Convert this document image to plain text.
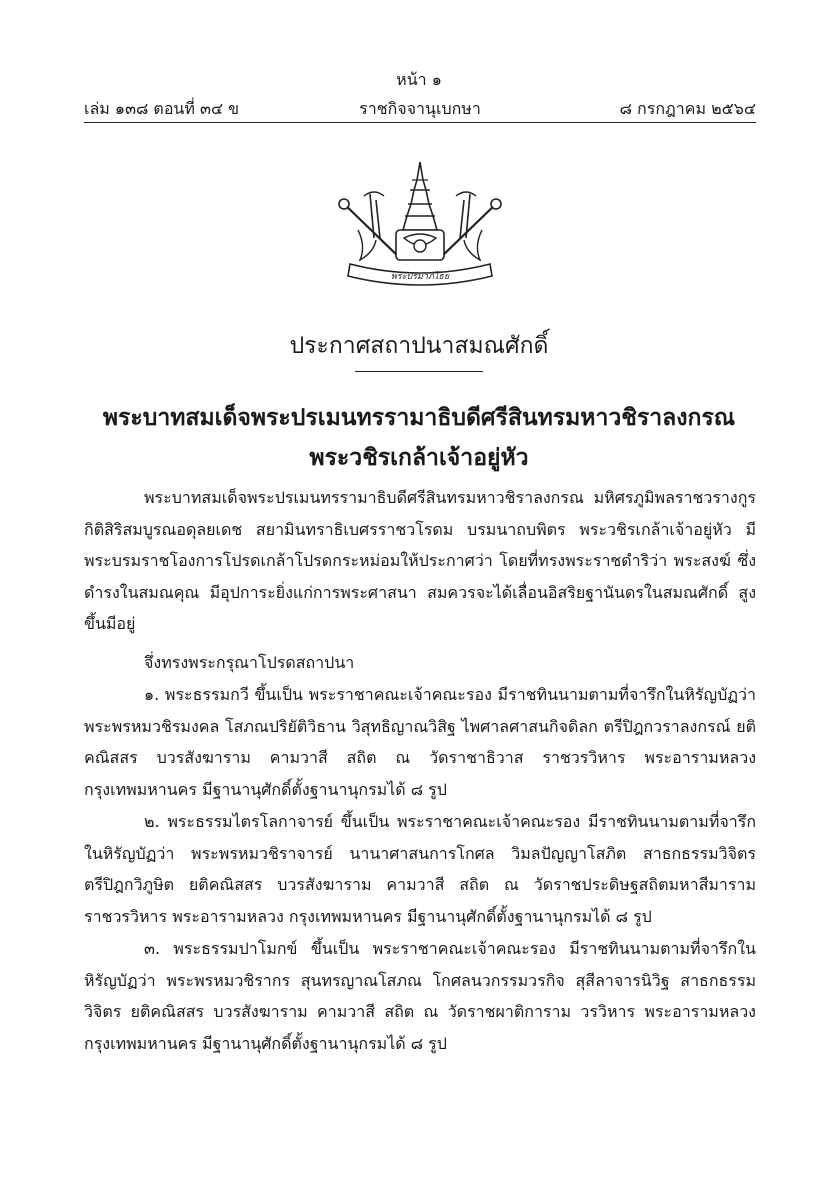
หน้า ๑
เล่ม ๑๓๘ ตอนที่ ๓๔ ข	ราชกิจจานุเบกษา	๘ กรกฎาคม ๒๕๖๔
พระปรมาภิไธย
ประกาศสถาปนาสมณศักดิ์
พระบาทสมเด็จพระปรเมนทรรามาธิบดีศรีสินทรมหาวชิราลงกรณ
พระวชิรเกล้าเจ้าอยู่หัว
พระบาทสมเด็จพระปรเมนทรรามาธิบดีศรีสินทรมหาวชิราลงกรณ มหิศรภูมิพลราชวรางกูร กิติสิริสมบูรณอดุลยเดช สยามินทราธิเบศรราชวโรดม บรมนาถบพิตร พระวชิรเกล้าเจ้าอยู่หัว มีพระบรมราชโองการโปรดเกล้าโปรดกระหม่อมให้ประกาศว่า โดยที่ทรงพระราชดำริว่า พระสงฆ์ ซึ่งดำรงในสมณคุณ มีอุปการะยิ่งแก่การพระศาสนา สมควรจะได้เลื่อนอิสริยฐานันดรในสมณศักดิ์ สูงขึ้นมีอยู่
จึ่งทรงพระกรุณาโปรดสถาปนา
๑. พระธรรมกวี ขึ้นเป็น พระราชาคณะเจ้าคณะรอง มีราชทินนามตามที่จารึกในหิรัญบัฏว่า พระพรหมวชิรมงคล โสภณปริยัติวิธาน วิสุทธิญาณวิสิฐ ไพศาลศาสนกิจดิลก ตรีปิฎกวราลงกรณ์ ยติคณิสสร บวรสังฆาราม คามวาสี สถิต ณ วัดราชาธิวาส ราชวรวิหาร พระอารามหลวง กรุงเทพมหานคร มีฐานานุศักดิ์ตั้งฐานานุกรมได้ ๘ รูป
๒. พระธรรมไตรโลกาจารย์ ขึ้นเป็น พระราชาคณะเจ้าคณะรอง มีราชทินนามตามที่จารึกในหิรัญบัฏว่า พระพรหมวชิราจารย์ นานาศาสนการโกศล วิมลปัญญาโสภิต สาธกธรรมวิจิตร ตรีปิฎกวิภูษิต ยติคณิสสร บวรสังฆาราม คามวาสี สถิต ณ วัดราชประดิษฐสถิตมหาสีมาราม ราชวรวิหาร พระอารามหลวง กรุงเทพมหานคร มีฐานานุศักดิ์ตั้งฐานานุกรมได้ ๘ รูป
๓. พระธรรมปาโมกข์ ขึ้นเป็น พระราชาคณะเจ้าคณะรอง มีราชทินนามตามที่จารึกในหิรัญบัฏว่า พระพรหมวชิรากร สุนทรญาณโสภณ โกศลนวกรรมวรกิจ สุสีลาจารนิวิฐ สาธกธรรมวิจิตร ยติคณิสสร บวรสังฆาราม คามวาสี สถิต ณ วัดราชผาติการาม วรวิหาร พระอารามหลวง กรุงเทพมหานคร มีฐานานุศักดิ์ตั้งฐานานุกรมได้ ๘ รูป
